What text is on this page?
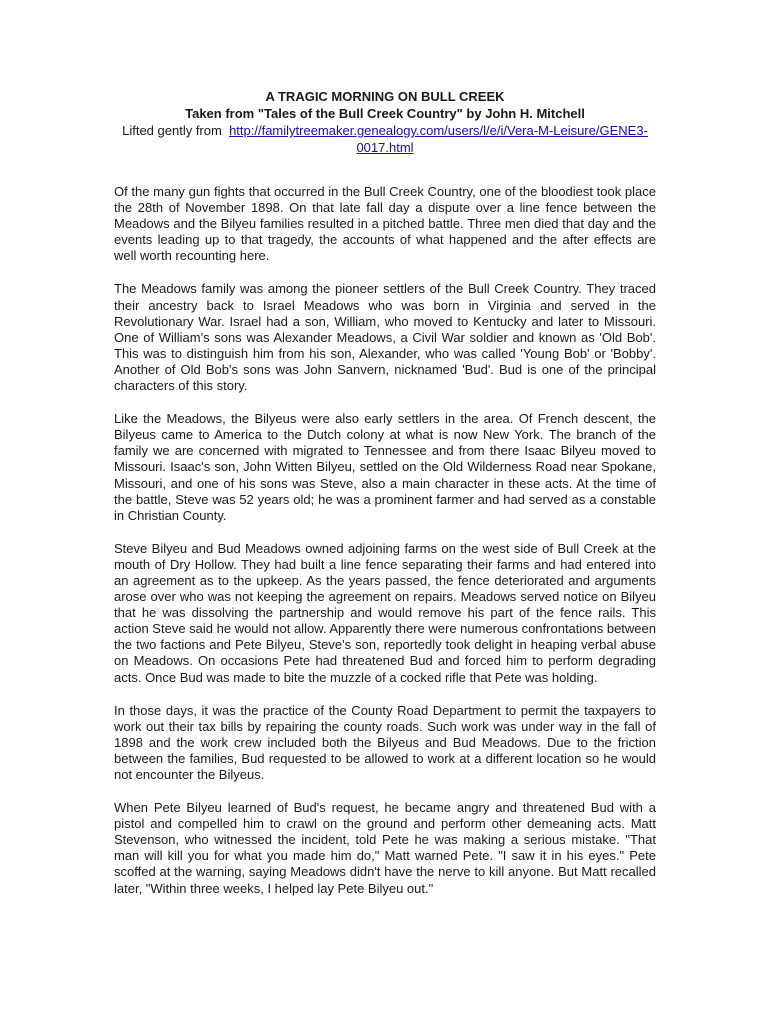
A TRAGIC MORNING ON BULL CREEK

Taken from "Tales of the Bull Creek Country" by John H. Mitchell

Lifted gently from http://familytreemaker.genealogy.com/users/l/e/i/Vera-M-Leisure/GENE3-0017.html

Of the many gun fights that occurred in the Bull Creek Country, one of the bloodiest took place the 28th of November 1898. On that late fall day a dispute over a line fence between the Meadows and the Bilyeu families resulted in a pitched battle. Three men died that day and the events leading up to that tragedy, the accounts of what happened and the after effects are well worth recounting here.

The Meadows family was among the pioneer settlers of the Bull Creek Country. They traced their ancestry back to Israel Meadows who was born in Virginia and served in the Revolutionary War. Israel had a son, William, who moved to Kentucky and later to Missouri. One of William's sons was Alexander Meadows, a Civil War soldier and known as 'Old Bob'. This was to distinguish him from his son, Alexander, who was called 'Young Bob' or 'Bobby'. Another of Old Bob's sons was John Sanvern, nicknamed 'Bud'. Bud is one of the principal characters of this story.

Like the Meadows, the Bilyeus were also early settlers in the area. Of French descent, the Bilyeus came to America to the Dutch colony at what is now New York. The branch of the family we are concerned with migrated to Tennessee and from there Isaac Bilyeu moved to Missouri. Isaac's son, John Witten Bilyeu, settled on the Old Wilderness Road near Spokane, Missouri, and one of his sons was Steve, also a main character in these acts. At the time of the battle, Steve was 52 years old; he was a prominent farmer and had served as a constable in Christian County.

Steve Bilyeu and Bud Meadows owned adjoining farms on the west side of Bull Creek at the mouth of Dry Hollow. They had built a line fence separating their farms and had entered into an agreement as to the upkeep. As the years passed, the fence deteriorated and arguments arose over who was not keeping the agreement on repairs. Meadows served notice on Bilyeu that he was dissolving the partnership and would remove his part of the fence rails. This action Steve said he would not allow. Apparently there were numerous confrontations between the two factions and Pete Bilyeu, Steve's son, reportedly took delight in heaping verbal abuse on Meadows. On occasions Pete had threatened Bud and forced him to perform degrading acts. Once Bud was made to bite the muzzle of a cocked rifle that Pete was holding.

In those days, it was the practice of the County Road Department to permit the taxpayers to work out their tax bills by repairing the county roads. Such work was under way in the fall of 1898 and the work crew included both the Bilyeus and Bud Meadows. Due to the friction between the families, Bud requested to be allowed to work at a different location so he would not encounter the Bilyeus.

When Pete Bilyeu learned of Bud's request, he became angry and threatened Bud with a pistol and compelled him to crawl on the ground and perform other demeaning acts. Matt Stevenson, who witnessed the incident, told Pete he was making a serious mistake. "That man will kill you for what you made him do," Matt warned Pete. "I saw it in his eyes." Pete scoffed at the warning, saying Meadows didn't have the nerve to kill anyone. But Matt recalled later, "Within three weeks, I helped lay Pete Bilyeu out."
